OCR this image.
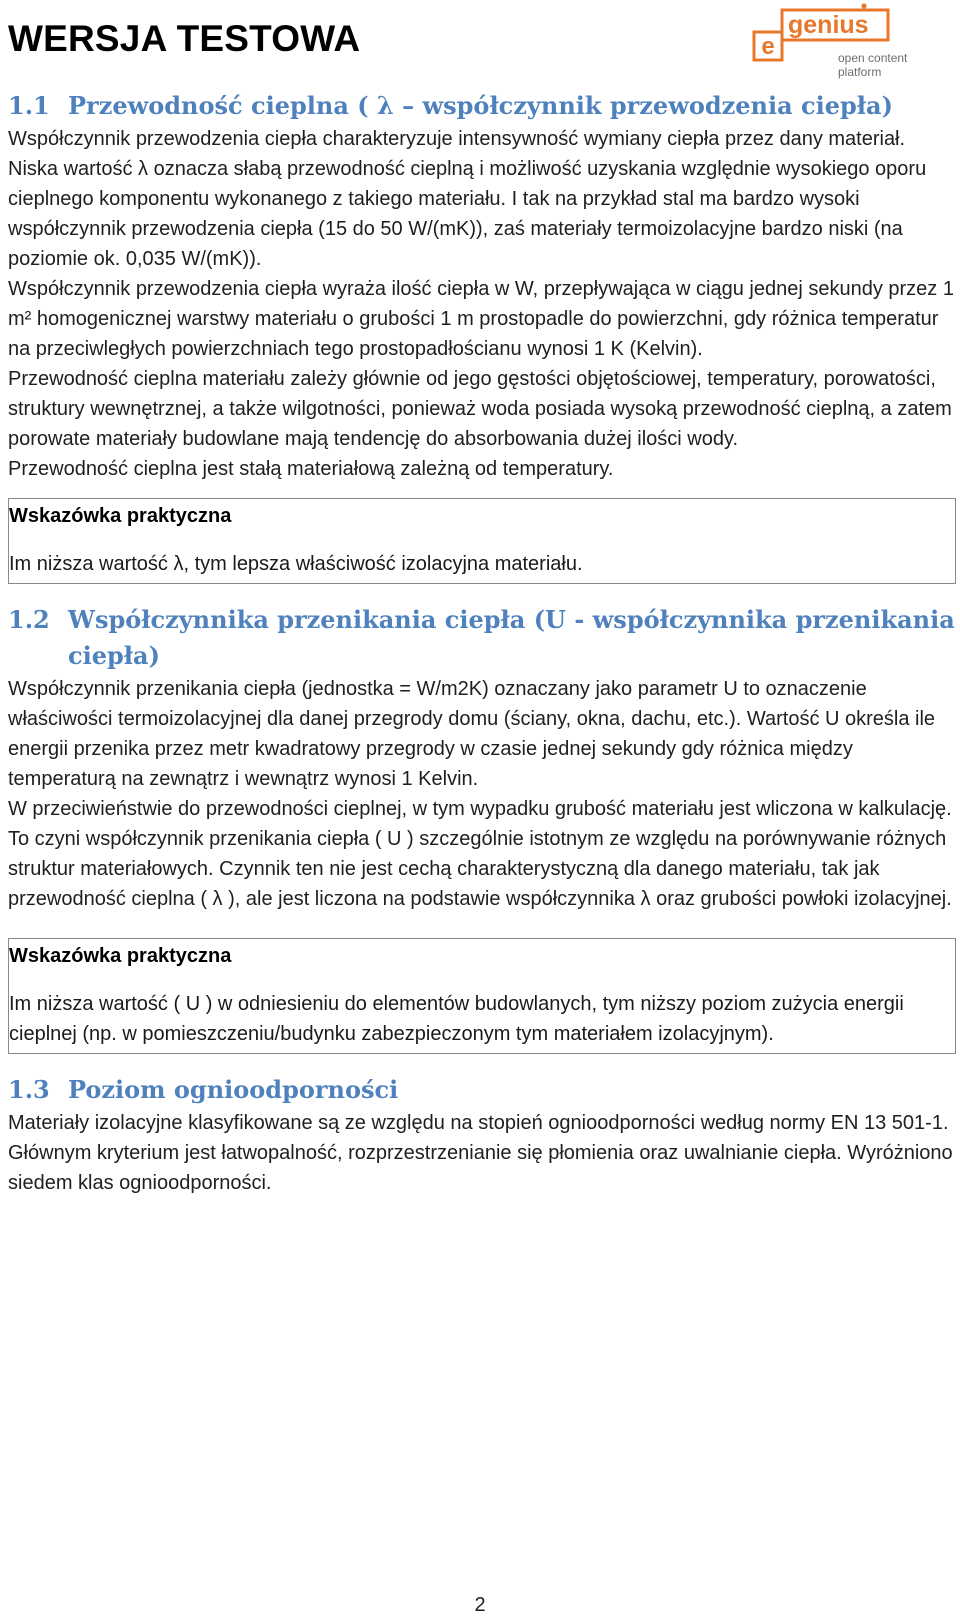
WERSJA TESTOWA	e
genius
open content
platform
1.1 Przewodność cieplna ( λ – współczynnik przewodzenia ciepła)

Współczynnik przewodzenia ciepła charakteryzuje intensywność wymiany ciepła przez dany materiał. Niska wartość λ oznacza słabą przewodność cieplną i możliwość uzyskania względnie wysokiego oporu cieplnego komponentu wykonanego z takiego materiału. I tak na przykład stal ma bardzo wysoki współczynnik przewodzenia ciepła (15 do 50 W/(mK)), zaś materiały termoizolacyjne bardzo niski (na poziomie ok. 0,035 W/(mK)).

Współczynnik przewodzenia ciepła wyraża ilość ciepła w W, przepływająca w ciągu jednej sekundy przez 1 m² homogenicznej warstwy materiału o grubości 1 m prostopadle do powierzchni, gdy różnica temperatur na przeciwległych powierzchniach tego prostopadłościanu wynosi 1 K (Kelvin).

Przewodność cieplna materiału zależy głównie od jego gęstości objętościowej, temperatury, porowatości, struktury wewnętrznej, a także wilgotności, ponieważ woda posiada wysoką przewodność cieplną, a zatem porowate materiały budowlane mają tendencję do absorbowania dużej ilości wody.

Przewodność cieplna jest stałą materiałową zależną od temperatury.

Wskazówka praktyczna
Im niższa wartość λ, tym lepsza właściwość izolacyjna materiału.
1.2 Współczynnika przenikania ciepła (U - współczynnika przenikania ciepła)

Współczynnik przenikania ciepła (jednostka = W/m2K) oznaczany jako parametr U to oznaczenie właściwości termoizolacyjnej dla danej przegrody domu (ściany, okna, dachu, etc.). Wartość U określa ile energii przenika przez metr kwadratowy przegrody w czasie jednej sekundy gdy różnica między temperaturą na zewnątrz i wewnątrz wynosi 1 Kelvin.

W przeciwieństwie do przewodności cieplnej, w tym wypadku grubość materiału jest wliczona w kalkulację. To czyni współczynnik przenikania ciepła ( U ) szczególnie istotnym ze względu na porównywanie różnych struktur materiałowych. Czynnik ten nie jest cechą charakterystyczną dla danego materiału, tak jak przewodność cieplna ( λ ), ale jest liczona na podstawie współczynnika λ oraz grubości powłoki izolacyjnej.

Wskazówka praktyczna
Im niższa wartość ( U ) w odniesieniu do elementów budowlanych, tym niższy poziom zużycia energii cieplnej (np. w pomieszczeniu/budynku zabezpieczonym tym materiałem izolacyjnym).
1.3 Poziom ognioodporności

Materiały izolacyjne klasyfikowane są ze względu na stopień ognioodporności według normy EN 13 501-1. Głównym kryterium jest łatwopalność, rozprzestrzenianie się płomienia oraz uwalnianie ciepła. Wyróżniono siedem klas ognioodporności.

2
